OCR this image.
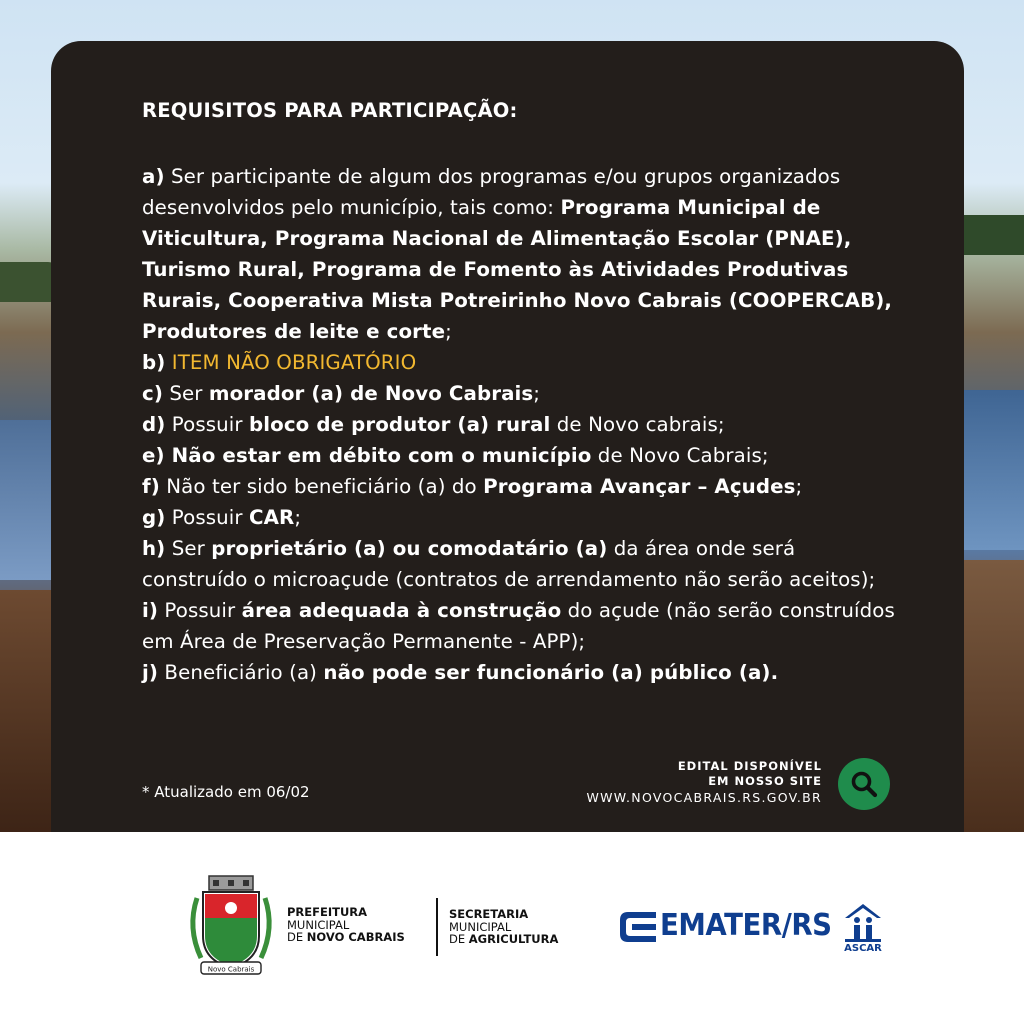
REQUISITOS PARA PARTICIPAÇÃO:
a) Ser participante de algum dos programas e/ou grupos organizados desenvolvidos pelo município, tais como: Programa Municipal de Viticultura, Programa Nacional de Alimentação Escolar (PNAE), Turismo Rural, Programa de Fomento às Atividades Produtivas Rurais, Cooperativa Mista Potreirinho Novo Cabrais (COOPERCAB), Produtores de leite e corte;
b) ITEM NÃO OBRIGATÓRIO
c) Ser morador (a) de Novo Cabrais;
d) Possuir bloco de produtor (a) rural de Novo cabrais;
e) Não estar em débito com o município de Novo Cabrais;
f) Não ter sido beneficiário (a) do Programa Avançar – Açudes;
g) Possuir CAR;
h) Ser proprietário (a) ou comodatário (a) da área onde será construído o microaçude (contratos de arrendamento não serão aceitos);
i) Possuir área adequada à construção do açude (não serão construídos em Área de Preservação Permanente - APP);
j) Beneficiário (a) não pode ser funcionário (a) público (a).
* Atualizado em 06/02
EDITAL DISPONÍVEL
EM NOSSO SITE
WWW.NOVOCABRAIS.RS.GOV.BR
Novo Cabrais
PREFEITURA
MUNICIPAL
DE NOVO CABRAIS
SECRETARIA
MUNICIPAL
DE AGRICULTURA	EMATER/RS
ASCAR
